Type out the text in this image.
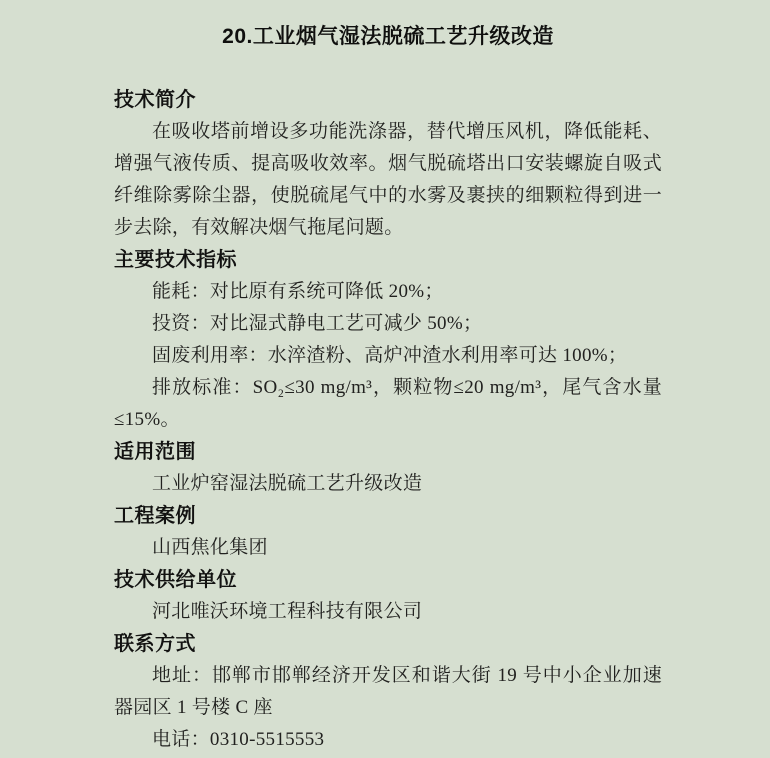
20.工业烟气湿法脱硫工艺升级改造
技术简介

在吸收塔前增设多功能洗涤器，替代增压风机，降低能耗、增强气液传质、提高吸收效率。烟气脱硫塔出口安装螺旋自吸式纤维除雾除尘器，使脱硫尾气中的水雾及裹挟的细颗粒得到进一步去除，有效解决烟气拖尾问题。

主要技术指标

能耗：对比原有系统可降低 20%；

投资：对比湿式静电工艺可减少 50%；

固废利用率：水淬渣粉、高炉冲渣水利用率可达 100%；

排放标准：SO₂≤30 mg/m³，颗粒物≤20 mg/m³，尾气含水量≤15%。

适用范围

工业炉窑湿法脱硫工艺升级改造

工程案例

山西焦化集团

技术供给单位

河北唯沃环境工程科技有限公司

联系方式

地址：邯郸市邯郸经济开发区和谐大街 19 号中小企业加速器园区 1 号楼 C 座

电话：0310-5515553
